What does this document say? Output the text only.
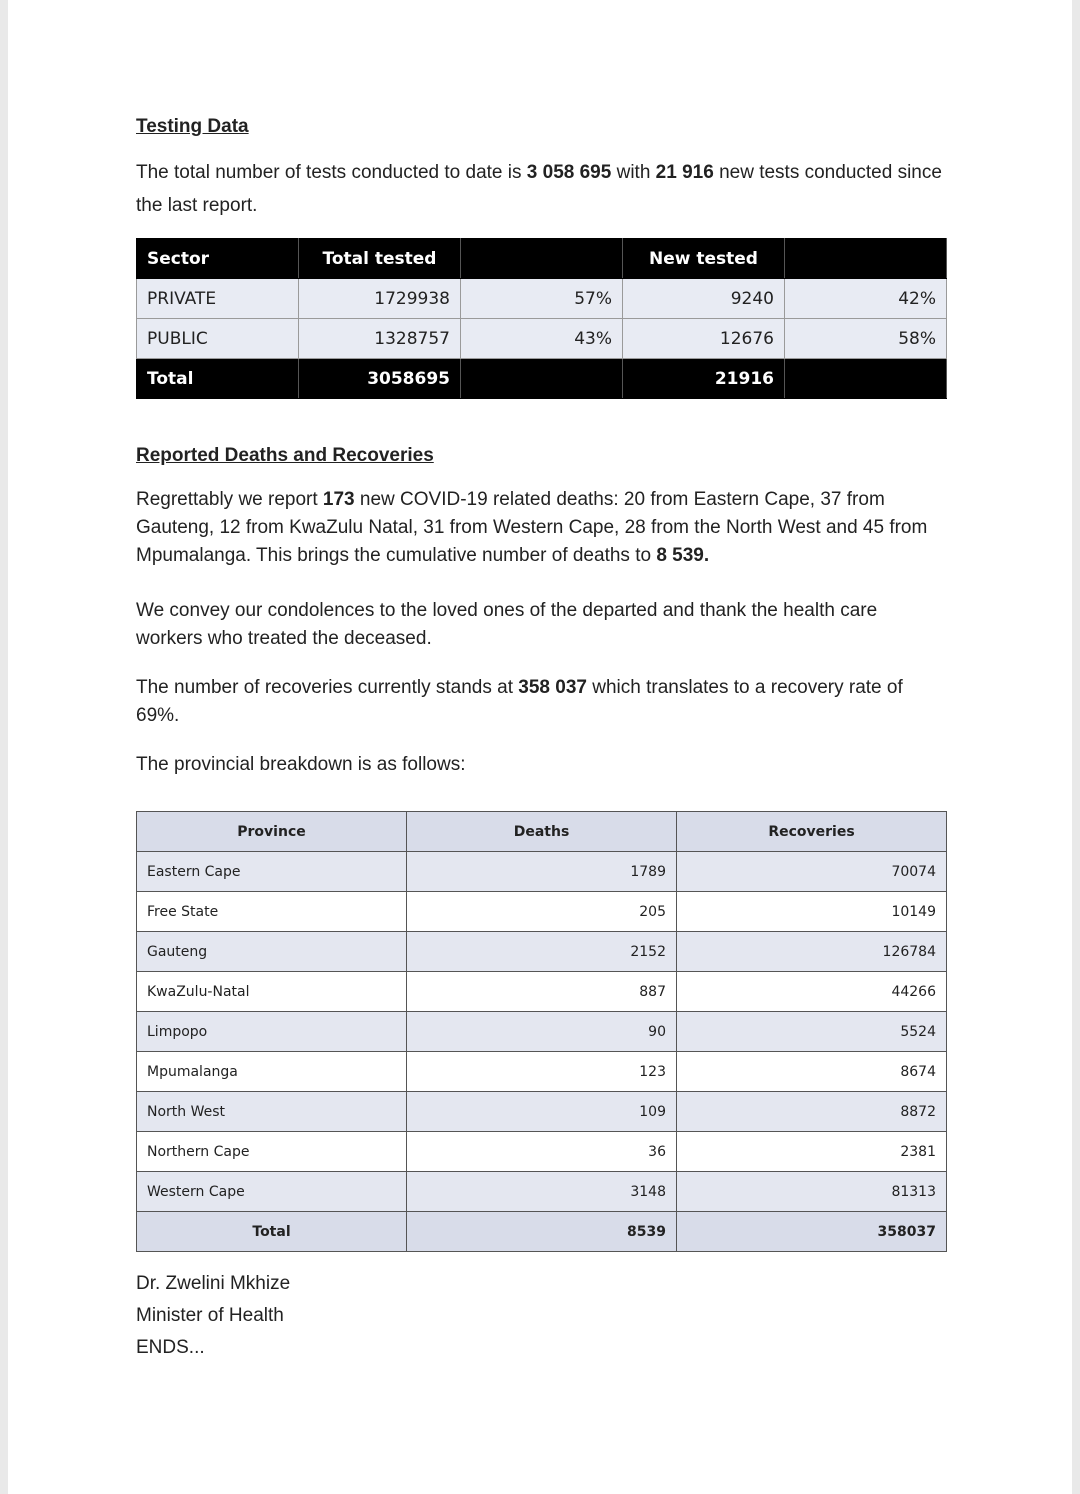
Testing Data

The total number of tests conducted to date is 3 058 695 with 21 916 new tests conducted since the last report.

Sector	Total tested		New tested	
PRIVATE	1729938	57%	9240	42%
PUBLIC	1328757	43%	12676	58%
Total	3058695		21916	
Reported Deaths and Recoveries

Regrettably we report 173 new COVID-19 related deaths: 20 from Eastern Cape, 37 from Gauteng, 12 from KwaZulu Natal, 31 from Western Cape, 28 from the North West and 45 from Mpumalanga. This brings the cumulative number of deaths to 8 539.

We convey our condolences to the loved ones of the departed and thank the health care workers who treated the deceased.

The number of recoveries currently stands at 358 037 which translates to a recovery rate of 69%.

The provincial breakdown is as follows:

Province	Deaths	Recoveries
Eastern Cape	1789	70074
Free State	205	10149
Gauteng	2152	126784
KwaZulu-Natal	887	44266
Limpopo	90	5524
Mpumalanga	123	8674
North West	109	8872
Northern Cape	36	2381
Western Cape	3148	81313
Total	8539	358037
Dr. Zwelini Mkhize
Minister of Health
ENDS...
